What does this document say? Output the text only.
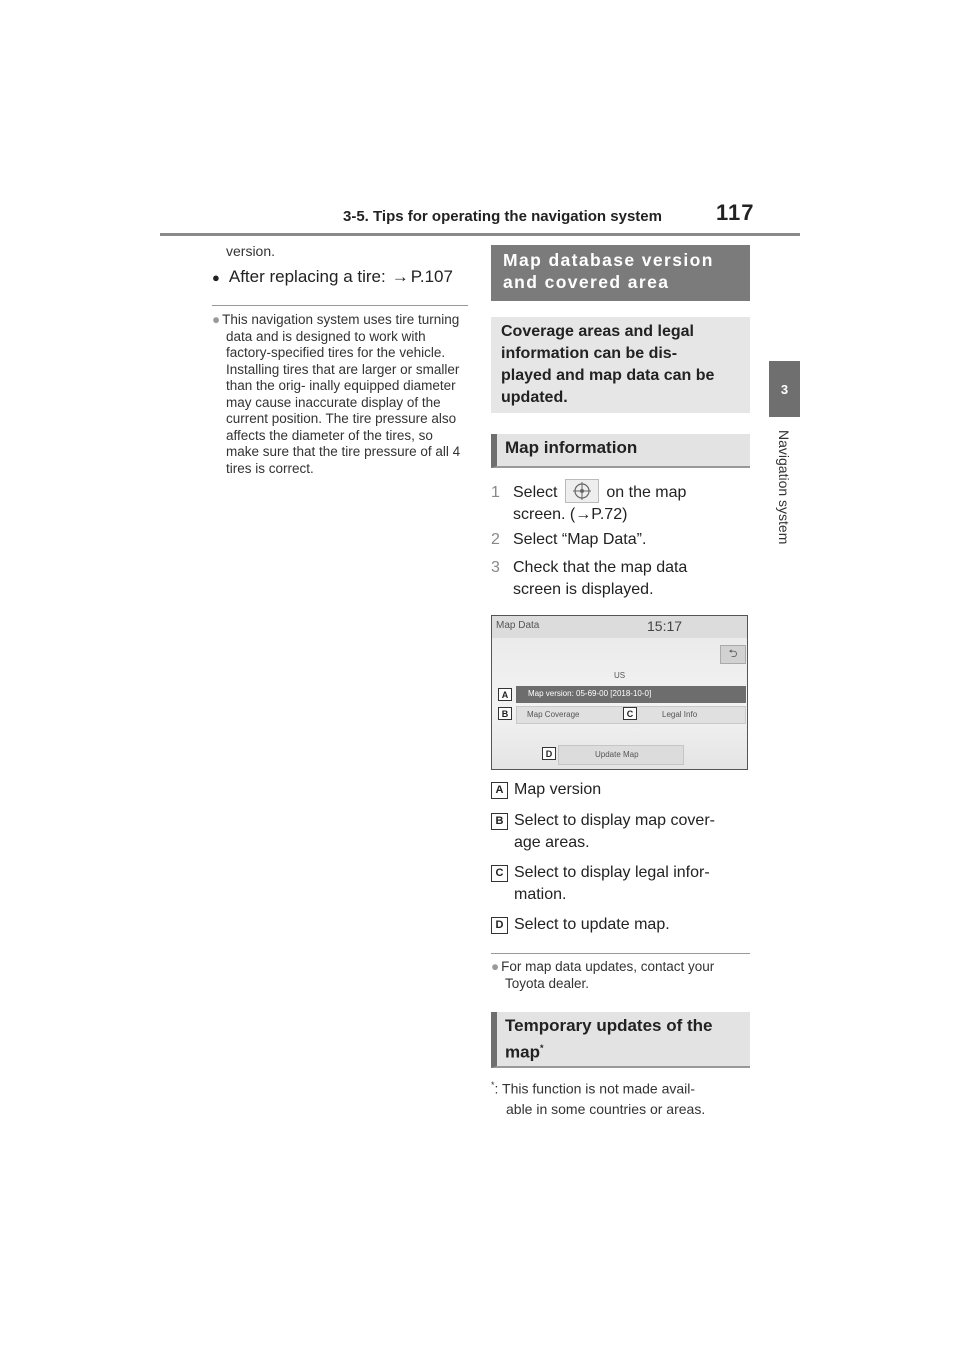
3-5. Tips for operating the navigation system 117
3
Navigation system
version.
● After replacing a tire: → P.107
● This navigation system uses tire turning data and is designed to work with factory-specified tires for the vehicle. Installing tires that are larger or smaller than the orig- inally equipped diameter may cause inaccurate display of the current position. The tire pressure also affects the diameter of the tires, so make sure that the tire pressure of all 4 tires is correct.
Map database version
and covered area
Coverage areas and legal
information can be dis-
played and map data can be
updated.
Map information
1 Select	on the map
screen. (→P.72)
2 Select “Map Data”.
3 Check that the map data
screen is displayed.
Map Data	15:17
⮌
US
Map version: 05-69-00 [2018-10-0]
Map Coverage	Legal Info
Update Map
A
B	C
D
A Map version
B Select to display map cover-
age areas.
C Select to display legal infor-
mation.
D Select to update map.
● For map data updates, contact your Toyota dealer.
Temporary updates of the
map*
*: This function is not made avail-
able in some countries or areas.
